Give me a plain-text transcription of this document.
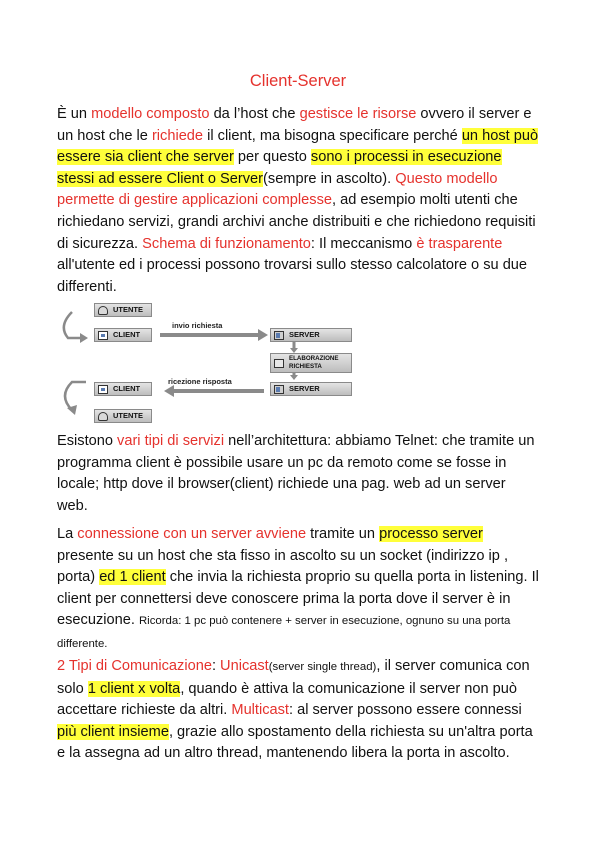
Client-Server
È un modello composto da l’host che gestisce le risorse ovvero il server e un host che le richiede il client, ma bisogna specificare perché un host può essere sia client che server per questo sono i processi in esecuzione stessi ad essere Client o Server(sempre in ascolto). Questo modello permette di gestire applicazioni complesse, ad esempio molti utenti che richiedano servizi, grandi archivi anche distribuiti e che richiedono requisiti di sicurezza. Schema di funzionamento: Il meccanismo è trasparente all'utente ed i processi possono trovarsi sullo stesso calcolatore o su due differenti.
UTENTE
CLIENT
invio richiesta
SERVER
ELABORAZIONE
RICHIESTA
ricezione risposta
CLIENT	SERVER
UTENTE
Esistono vari tipi di servizi nell’architettura: abbiamo Telnet: che tramite un programma client è possibile usare un pc da remoto come se fosse in locale; http dove il browser(client) richiede una pag. web ad un server web.
La connessione con un server avviene tramite un processo server presente su un host che sta fisso in ascolto su un socket (indirizzo ip , porta) ed 1 client che invia la richiesta proprio su quella porta in listening. Il client per connettersi deve conoscere prima la porta dove il server è in esecuzione. Ricorda: 1 pc può contenere + server in esecuzione, ognuno su una porta differente.
2 Tipi di Comunicazione: Unicast(server single thread), il server comunica con solo 1 client x volta, quando è attiva la comunicazione il server non può accettare richieste da altri. Multicast: al server possono essere connessi più client insieme, grazie allo spostamento della richiesta su un'altra porta e la assegna ad un altro thread, mantenendo libera la porta in ascolto.
